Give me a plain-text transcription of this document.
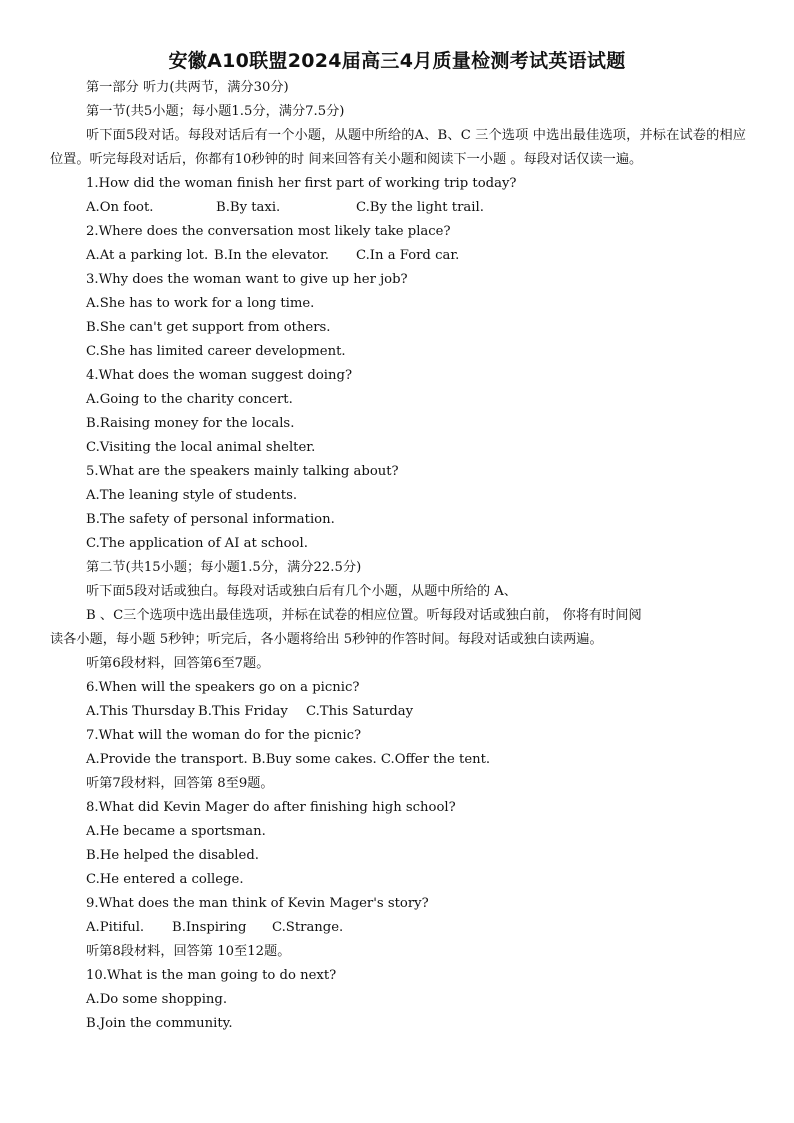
安徽A10联盟2024届高三4月质量检测考试英语试题
第一部分 听力(共两节，满分30分)
第一节(共5小题；每小题1.5分，满分7.5分)

听下面5段对话。每段对话后有一个小题，从题中所给的A、B、C 三个选项 中选出最佳选项，并标在试卷的相应位置。听完每段对话后，你都有10秒钟的时 间来回答有关小题和阅读下一小题 。每段对话仅读一遍。

1.How did the woman finish her first part of working trip today?
A.On foot.	B.By taxi.	C.By the light trail.
2.Where does the conversation most likely take place?
A.At a parking lot. B.In the elevator.	C.In a Ford car.
3.Why does the woman want to give up her job?
A.She has to work for a long time.
B.She can't get support from others.
C.She has limited career development.
4.What does the woman suggest doing?
A.Going to the charity concert.
B.Raising money for the locals.
C.Visiting the local animal shelter.
5.What are the speakers mainly talking about?
A.The leaning style of students.
B.The safety of personal information.
C.The application of AI at school.
第二节(共15小题；每小题1.5分，满分22.5分)
听下面5段对话或独白。每段对话或独白后有几个小题，从题中所给的 A、
B 、C三个选项中选出最佳选项，并标在试卷的相应位置。听每段对话或独白前， 你将有时间阅
读各小题，每小题 5秒钟；听完后，各小题将给出 5秒钟的作答时间。每段对话或独白读两遍。
听第6段材料，回答第6至7题。
6.When will the speakers go on a picnic?
A.This Thursday B.This Friday	C.This Saturday
7.What will the woman do for the picnic?
A.Provide the transport. B.Buy some cakes. C.Offer the tent.
听第7段材料，回答第 8至9题。
8.What did Kevin Mager do after finishing high school?
A.He became a sportsman.
B.He helped the disabled.
C.He entered a college.
9.What does the man think of Kevin Mager's story?
A.Pitiful.	B.Inspiring	C.Strange.
听第8段材料，回答第 10至12题。
10.What is the man going to do next?
A.Do some shopping.
B.Join the community.
